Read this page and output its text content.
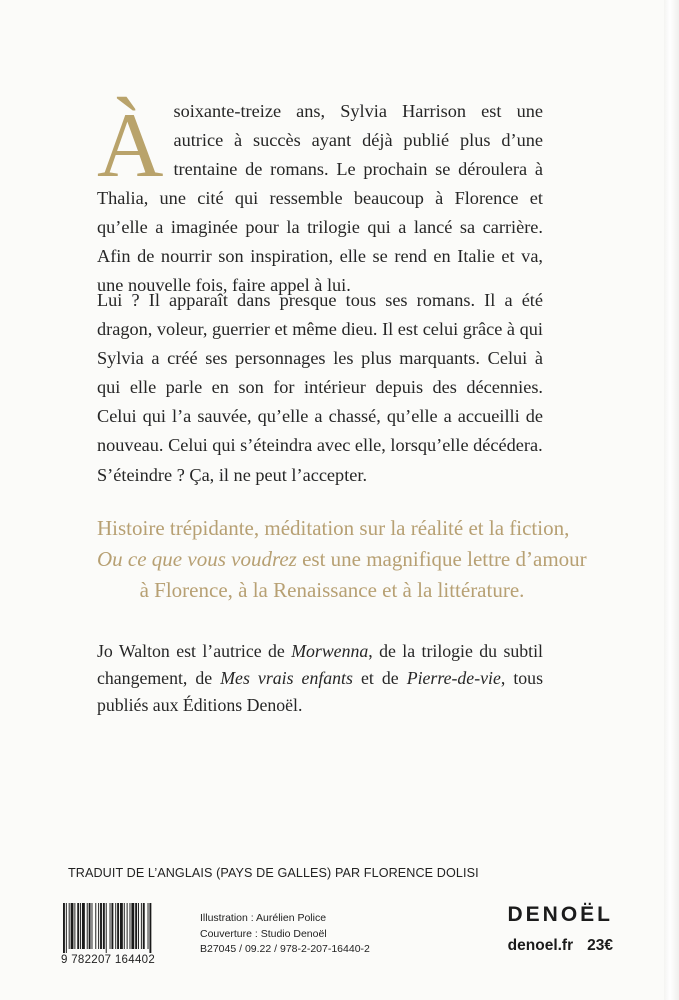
À soixante-treize ans, Sylvia Harrison est une autrice à succès ayant déjà publié plus d’une trentaine de romans. Le prochain se déroulera à Thalia, une cité qui ressemble beaucoup à Florence et qu’elle a imaginée pour la trilogie qui a lancé sa carrière. Afin de nourrir son inspiration, elle se rend en Italie et va, une nouvelle fois, faire appel à lui.

Lui ? Il apparaît dans presque tous ses romans. Il a été dragon, voleur, guerrier et même dieu. Il est celui grâce à qui Sylvia a créé ses personnages les plus marquants. Celui à qui elle parle en son for intérieur depuis des décennies. Celui qui l’a sauvée, qu’elle a chassé, qu’elle a accueilli de nouveau. Celui qui s’éteindra avec elle, lorsqu’elle décédera.

S’éteindre ? Ça, il ne peut l’accepter.

Histoire trépidante, méditation sur la réalité et la fiction,
Ou ce que vous voudrez est une magnifique lettre d’amour
à Florence, à la Renaissance et à la littérature.

Jo Walton est l’autrice de Morwenna, de la trilogie du subtil changement, de Mes vrais enfants et de Pierre-de-vie, tous publiés aux Éditions Denoël.

TRADUIT DE L’ANGLAIS (PAYS DE GALLES) PAR FLORENCE DOLISI
9 782207 164402
Illustration : Aurélien Police
Couverture : Studio Denoël
B27045 / 09.22 / 978-2-207-16440-2
DENOËL
denoel.fr 23€
